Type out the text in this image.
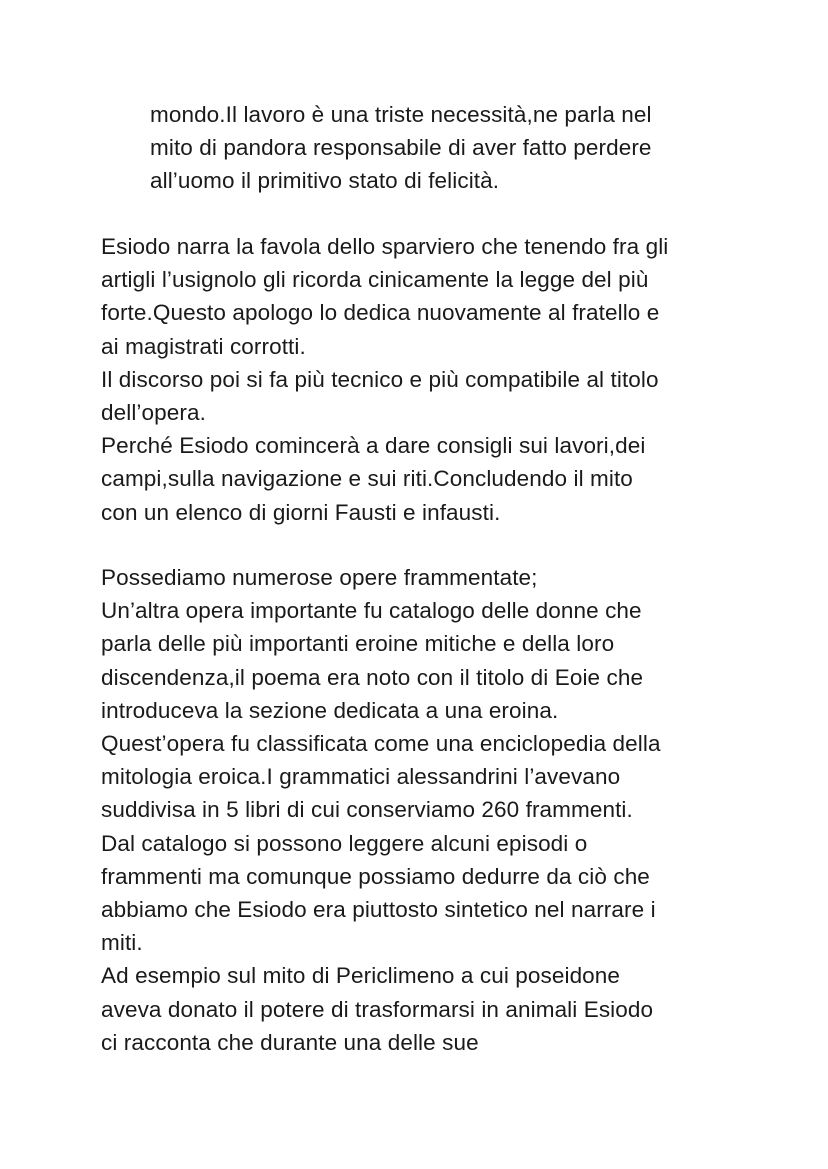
mondo.Il lavoro è una triste necessità,ne parla nel
mito di pandora responsabile di aver fatto perdere
all’uomo il primitivo stato di felicità.
Esiodo narra la favola dello sparviero che tenendo fra gli
artigli l’usignolo gli ricorda cinicamente la legge del più
forte.Questo apologo lo dedica nuovamente al fratello e
ai magistrati corrotti.
Il discorso poi si fa più tecnico e più compatibile al titolo
dell’opera.
Perché Esiodo comincerà a dare consigli sui lavori,dei
campi,sulla navigazione e sui riti.Concludendo il mito
con un elenco di giorni Fausti e infausti.
Possediamo numerose opere frammentate;
Un’altra opera importante fu catalogo delle donne che
parla delle più importanti eroine mitiche e della loro
discendenza,il poema era noto con il titolo di Eoie che
introduceva la sezione dedicata a una eroina.
Quest’opera fu classificata come una enciclopedia della
mitologia eroica.I grammatici alessandrini l’avevano
suddivisa in 5 libri di cui conserviamo 260 frammenti.
Dal catalogo si possono leggere alcuni episodi o
frammenti ma comunque possiamo dedurre da ciò che
abbiamo che Esiodo era piuttosto sintetico nel narrare i
miti.
Ad esempio sul mito di Periclimeno a cui poseidone
aveva donato il potere di trasformarsi in animali Esiodo
ci racconta che durante una delle sue
